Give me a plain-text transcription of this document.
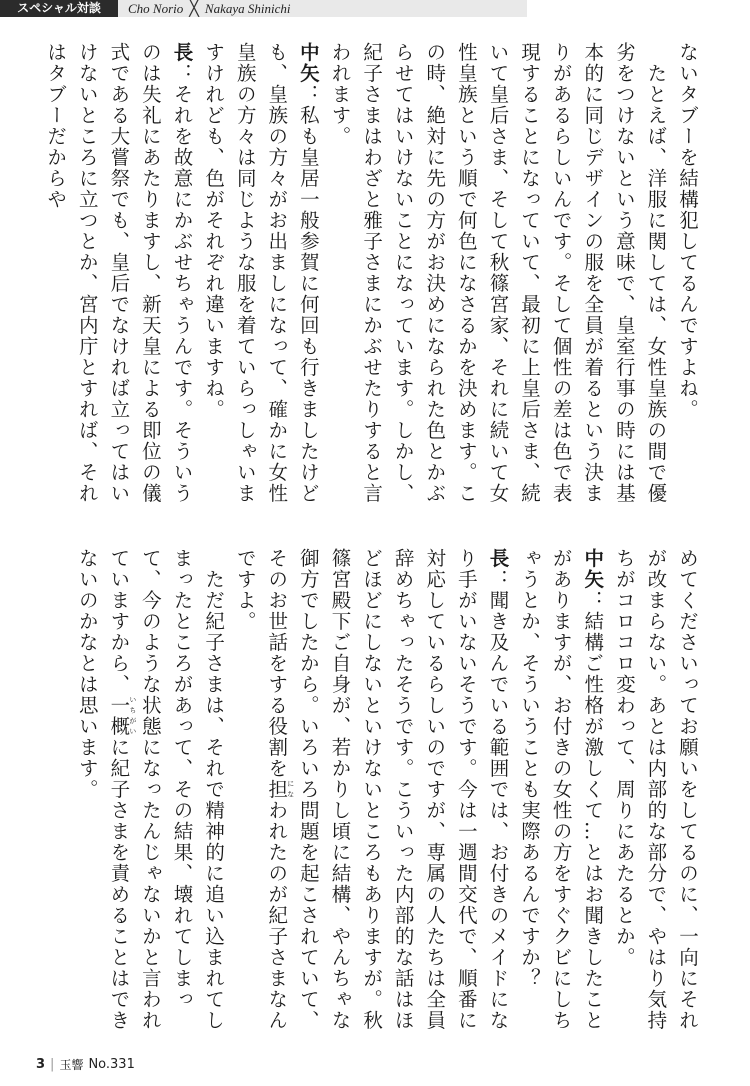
スペシャル対談	Cho Norio ╳ Nakaya Shinichi

ないタブーを結構犯してるんですよね。

　たとえば、洋服に関しては、女性皇族の間で優劣をつけないという意味で、皇室行事の時には基本的に同じデザインの服を全員が着るという決まりがあるらしいんです。そして個性の差は色で表現することになっていて、最初に上皇后さま、続いて皇后さま、そして秋篠宮家、それに続いて女性皇族という順で何色になさるかを決めます。この時、絶対に先の方がお決めになられた色とかぶらせてはいけないことになっています。しかし、紀子さまはわざと雅子さまにかぶせたりすると言われます。

中矢：私も皇居一般参賀に何回も行きましたけども、皇族の方々がお出ましになって、確かに女性皇族の方々は同じような服を着ていらっしゃいますけれども、色がそれぞれ違いますね。

長：それを故意にかぶせちゃうんです。そういうのは失礼にあたりますし、新天皇による即位の儀式である大嘗祭でも、皇后でなければ立ってはいけないところに立つとか、宮内庁とすれば、それはタブーだからや

めてくださいってお願いをしてるのに、一向にそれが改まらない。あとは内部的な部分で、やはり気持ちがコロコロ変わって、周りにあたるとか。

中矢：結構ご性格が激しくて…とはお聞きしたことがありますが、お付きの女性の方をすぐクビにしちゃうとか、そういうことも実際あるんですか？

長：聞き及んでいる範囲では、お付きのメイドになり手がいないそうです。今は一週間交代で、順番に対応しているらしいのですが、専属の人たちは全員辞めちゃったそうです。こういった内部的な話はほどほどにしないといけないところもありますが。秋篠宮殿下ご自身が、若かりし頃に結構、やんちゃな御方でしたから。いろいろ問題を起こされていて、そのお世話をする役割を担になわれたのが紀子さまなんですよ。

　ただ紀子さまは、それで精神的に追い込まれてしまったところがあって、その結果、壊れてしまって、今のような状態になったんじゃないかと言われていますから、一概いちがいに紀子さまを責めることはできないのかなとは思います。

3 | 玉響 No.331
